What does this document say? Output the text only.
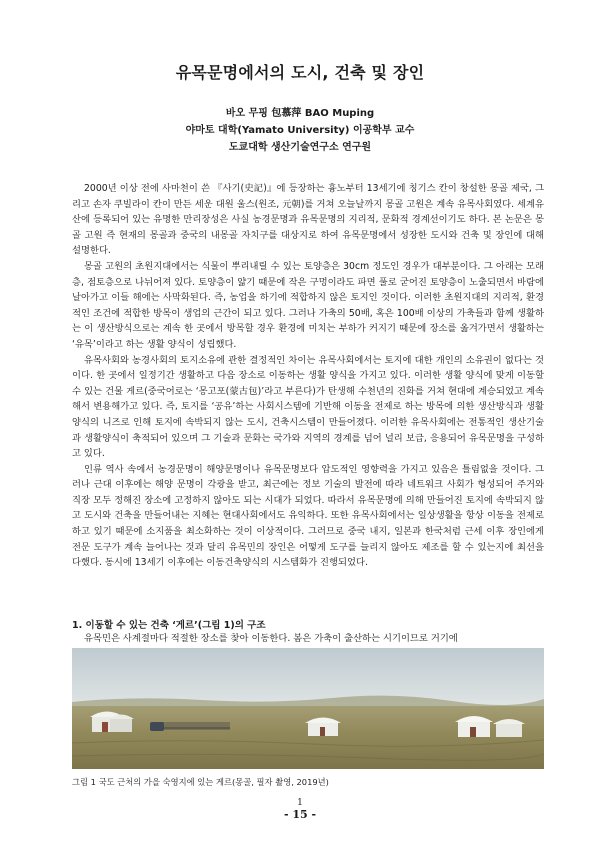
유목문명에서의 도시, 건축 및 장인
바오 무핑 包慕萍 BAO Muping
야마토 대학(Yamato University) 이공학부 교수
도쿄대학 생산기술연구소 연구원

2000년 이상 전에 사마천이 쓴 『사기(史記)』에 등장하는 흉노부터 13세기에 칭기스 칸이 창설한 몽골 제국, 그리고 손자 쿠빌라이 칸이 만든 세운 대원 울스(원조, 元朝)를 거쳐 오늘날까지 몽골 고원은 계속 유목사회였다. 세계유산에 등록되어 있는 유명한 만리장성은 사실 농경문명과 유목문명의 지리적, 문화적 경계선이기도 하다. 본 논문은 몽골 고원 즉 현재의 몽골과 중국의 내몽골 자치구를 대상지로 하여 유목문명에서 성장한 도시와 건축 및 장인에 대해 설명한다.

몽골 고원의 초원지대에서는 식물이 뿌리내릴 수 있는 토양층은 30cm 정도인 경우가 대부분이다. 그 아래는 모래층, 점토층으로 나뉘어져 있다. 토양층이 얇기 때문에 작은 구멍이라도 파면 풀로 굳어진 토양층이 노출되면서 바람에 날아가고 이들 해에는 사막화된다. 즉, 농업을 하기에 적합하지 않은 토지인 것이다. 이러한 초원지대의 지리적, 환경적인 조건에 적합한 방목이 생업의 근간이 되고 있다. 그러나 가축의 50배, 혹은 100배 이상의 가축들과 함께 생활하는 이 생산방식으로는 계속 한 곳에서 방목할 경우 환경에 미치는 부하가 커지기 때문에 장소를 옮겨가면서 생활하는 ‘유목’이라고 하는 생활 양식이 성립했다.

유목사회와 농경사회의 토지소유에 관한 결정적인 차이는 유목사회에서는 토지에 대한 개인의 소유권이 없다는 것이다. 한 곳에서 일정기간 생활하고 다음 장소로 이동하는 생활 양식을 가지고 있다. 이러한 생활 양식에 맞게 이동할 수 있는 건물 게르(중국어로는 ‘몽고포(蒙古包)’라고 부른다)가 탄생해 수천년의 진화를 거쳐 현대에 계승되었고 계속해서 변용해가고 있다. 즉, 토지를 ‘공유’하는 사회시스템에 기반해 이동을 전제로 하는 방목에 의한 생산방식과 생활양식의 니즈로 인해 토지에 속박되지 않는 도시, 건축시스템이 만들어졌다. 이러한 유목사회에는 전통적인 생산기술과 생활양식이 축적되어 있으며 그 기술과 문화는 국가와 지역의 경계를 넘어 널리 보급, 응용되어 유목문명을 구성하고 있다.

인류 역사 속에서 농경문명이 해양문명이나 유목문명보다 압도적인 영향력을 가지고 있음은 틀림없을 것이다. 그러나 근대 이후에는 해양 문명이 각광을 받고, 최근에는 정보 기술의 발전에 따라 네트워크 사회가 형성되어 주거와 직장 모두 정해진 장소에 고정하지 않아도 되는 시대가 되었다. 따라서 유목문명에 의해 만들어진 토지에 속박되지 않고 도시와 건축을 만들어내는 지혜는 현대사회에서도 유익하다. 또한 유목사회에서는 일상생활을 항상 이동을 전제로 하고 있기 때문에 소지품을 최소화하는 것이 이상적이다. 그러므로 중국 내지, 일본과 한국처럼 근세 이후 장인에게 전문 도구가 계속 늘어나는 것과 달리 유목민의 장인은 어떻게 도구를 늘리지 않아도 제조를 할 수 있는지에 최선을 다했다. 동시에 13세기 이후에는 이동건축양식의 시스템화가 진행되었다.

1. 이동할 수 있는 건축 ‘게르’(그림 1)의 구조
유목민은 사계절마다 적절한 장소를 찾아 이동한다. 봄은 가축이 출산하는 시기이므로 거기에
그림 1 국도 근처의 가을 숙영지에 있는 게르(몽골, 필자 촬영, 2019년)
1
- 15 -
